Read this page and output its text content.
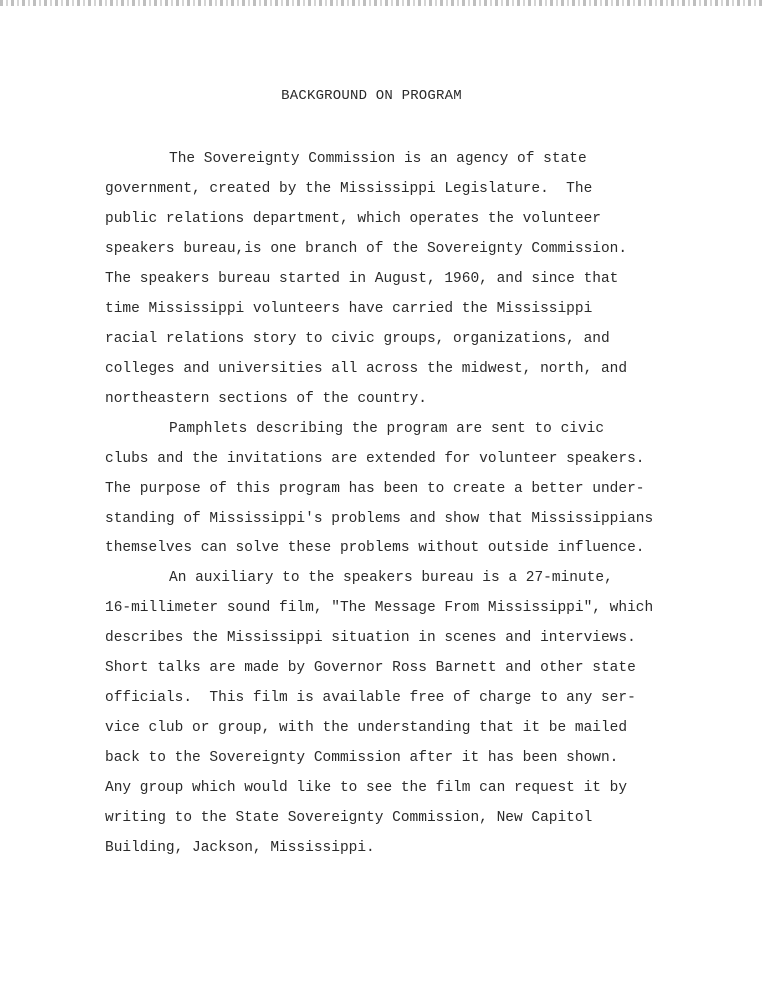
BACKGROUND ON PROGRAM

The Sovereignty Commission is an agency of state

government, created by the Mississippi Legislature.  The

public relations department, which operates the volunteer

speakers bureau,is one branch of the Sovereignty Commission.

The speakers bureau started in August, 1960, and since that

time Mississippi volunteers have carried the Mississippi

racial relations story to civic groups, organizations, and

colleges and universities all across the midwest, north, and

northeastern sections of the country.

Pamphlets describing the program are sent to civic

clubs and the invitations are extended for volunteer speakers.

The purpose of this program has been to create a better under-

standing of Mississippi's problems and show that Mississippians

themselves can solve these problems without outside influence.

An auxiliary to the speakers bureau is a 27-minute,

16-millimeter sound film, "The Message From Mississippi", which

describes the Mississippi situation in scenes and interviews.

Short talks are made by Governor Ross Barnett and other state

officials.  This film is available free of charge to any ser-

vice club or group, with the understanding that it be mailed

back to the Sovereignty Commission after it has been shown.

Any group which would like to see the film can request it by

writing to the State Sovereignty Commission, New Capitol

Building, Jackson, Mississippi.
